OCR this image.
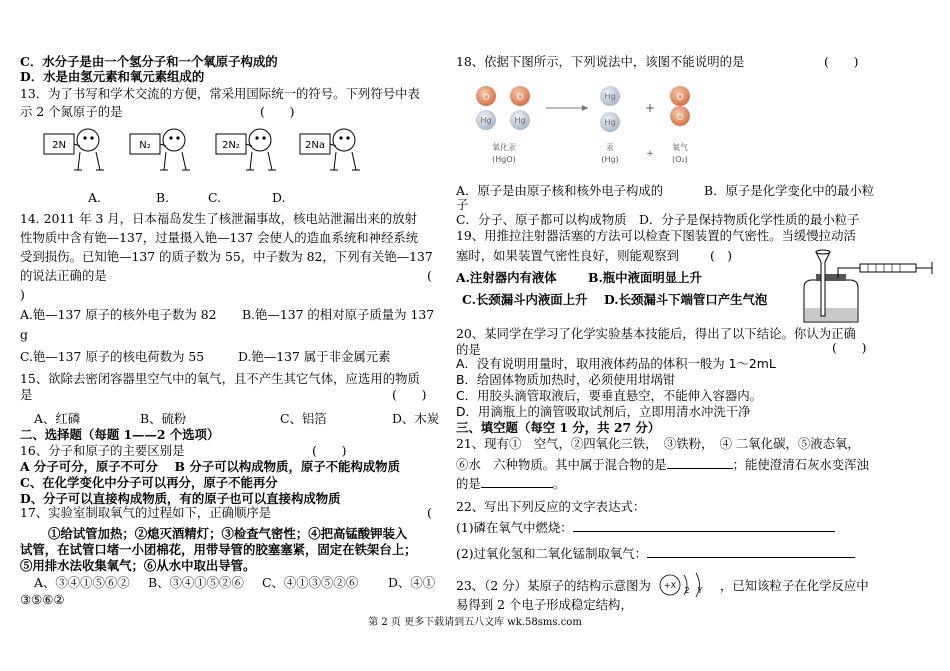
C．水分子是由一个氢分子和一个氧原子构成的
D．水是由氢元素和氧元素组成的
13．为了书写和学术交流的方便，常采用国际统一的符号。下列符号中表
示 2 个氮原子的是	(　　)
2N	N₂	2N₂	2Na
A.	B.	C.	D.
14. 2011 年 3 月，日本福岛发生了核泄漏事故，核电站泄漏出来的放射
性物质中含有铯—137，过量摄入铯—137 会使人的造血系统和神经系统
受到损伤。已知铯—137 的质子数为 55，中子数为 82，下列有关铯—137
的说法正确的是	(
)
A.铯—137 原子的核外电子数为 82 B.铯—137 的相对原子质量为 137
g
C.铯—137 原子的核电荷数为 55	D.铯—137 属于非金属元素
15、欲除去密闭容器里空气中的氧气，且不产生其它气体，应选用的物质
是	(　　)
A、红磷	B、硫粉	C、铝箔	D、木炭
二、选择题（每题 1——2 个选项）
16、分子和原子的主要区别是	(　　)
A 分子可分，原子不可分　 B 分子可以构成物质，原子不能构成物质
C、在化学变化中分子可以再分，原子不能再分
D、分子可以直接构成物质，有的原子也可以直接构成物质
17、实验室制取氧气的过程如下，正确顺序是	(
①给试管加热；②熄灭酒精灯；③检查气密性；④把高锰酸钾装入
试管，在试管口堵一小团棉花，用带导管的胶塞塞紧，固定在铁架台上；
⑤用排水法收集氧气；⑥从水中取出导管。
A、③④①⑤⑥② B、③④①⑤②⑥ C、④①③⑤②⑥ D、④①
③⑤⑥②
18、依据下图所示，下列说法中，该图不能说明的是	(　　)
O
Hg
O
Hg
Hg
Hg
+
O
O
氧化汞
(HgO)
汞
(Hg)
+
氧气
(O₂)
A．原子是由原子核和核外电子构成的	B．原子是化学变化中的最小粒
子
C．分子、原子都可以构成物质　D．分子是保持物质化学性质的最小粒子
19、用推拉注射器活塞的方法可以检查下图装置的气密性。当缓慢拉动活
塞时，如果装置气密性良好，则能观察到 (　)
A.注射器内有液体	B.瓶中液面明显上升
C.长颈漏斗内液面上升 D.长颈漏斗下端管口产生气泡
20、某同学在学习了化学实验基本技能后，得出了以下结论。你认为正确
的是	(　　)
A．没有说明用量时，取用液体药品的体积一般为 1～2mL
B．给固体物质加热时，必须使用坩埚钳
C．用胶头滴管取液后，要垂直悬空，不能伸入容器内。
D．用滴瓶上的滴管吸取试剂后，立即用清水冲洗干净
三、填空题（每空 1 分，共 27 分）
21、现有①　空气，②四氧化三铁，　③铁粉，　④ 二氧化碳，⑤液态氧，
⑥水　六种物质。其中属于混合物的是	；能使澄清石灰水变浑浊
的是	。
22、写出下列反应的文字表达式：
(1)磷在氧气中燃烧：
(2)过氧化氢和二氧化锰制取氧气：
23、（2 分）某原子的结构示意图为 +X
2 Y ，已知该粒子在化学反应中
易得到 2 个电子形成稳定结构，
第 2 页 更多下载请到五八文库 wk.58sms.com
